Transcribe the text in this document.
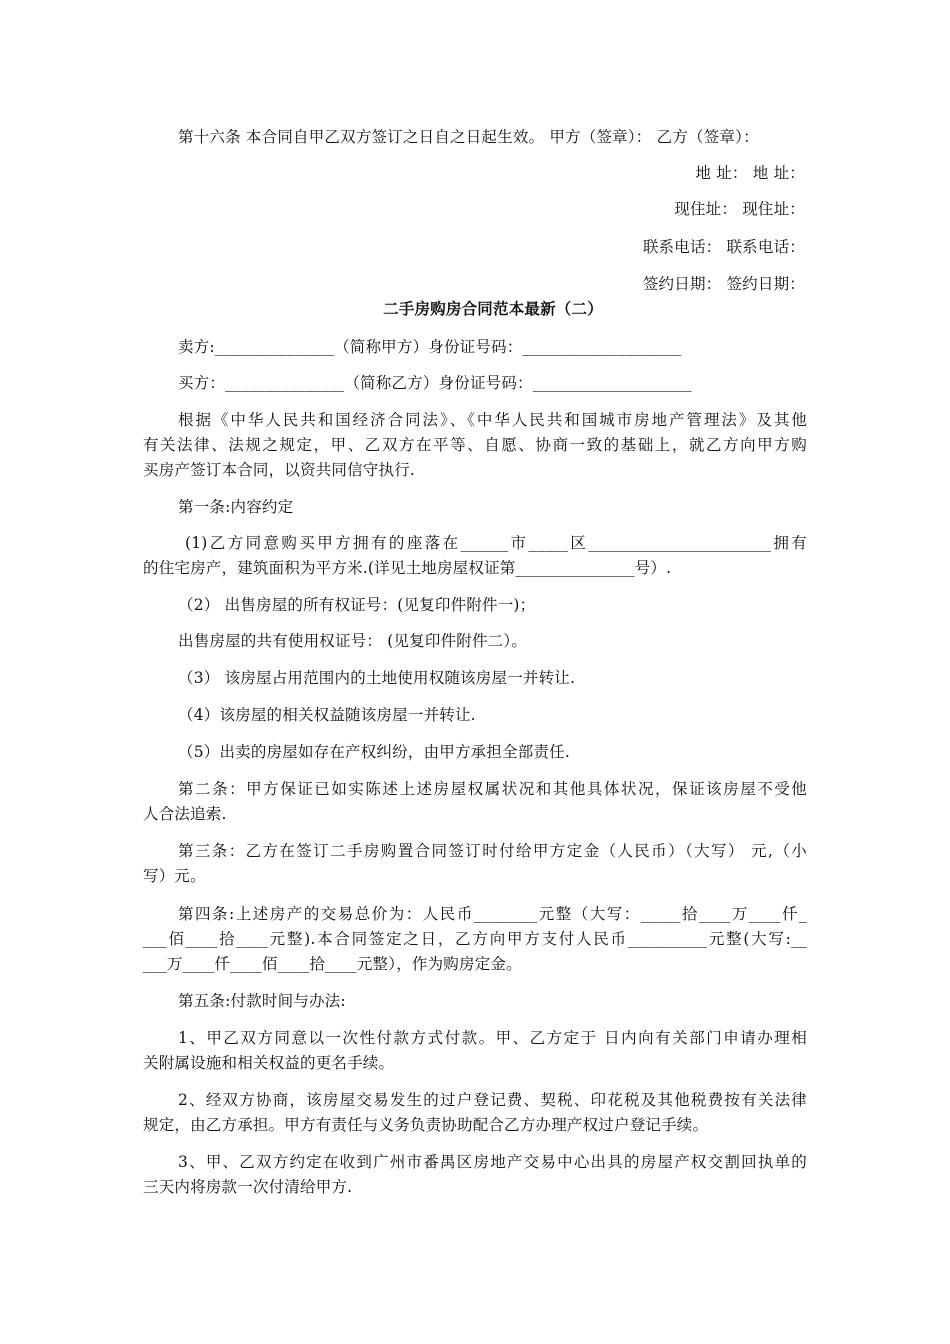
第十六条 本合同自甲乙双方签订之日自之日起生效。 甲方（签章）： 乙方（签章）：
地 址： 地 址：
现住址： 现住址：
联系电话： 联系电话：
签约日期： 签约日期：
二手房购房合同范本最新（二）
卖方:_______________（简称甲方）身份证号码：____________________
买方：_______________（简称乙方）身份证号码：____________________
根据《中华人民共和国经济合同法》、《中华人民共和国城市房地产管理法》及其他
有关法律、法规之规定，甲、乙双方在平等、自愿、协商一致的基础上，就乙方向甲方购
买房产签订本合同，以资共同信守执行.
第一条:内容约定
(1)乙方同意购买甲方拥有的座落在______市_____区_______________________拥有
的住宅房产，建筑面积为平方米.(详见土地房屋权证第_______________号）.
（2） 出售房屋的所有权证号：(见复印件附件一)；
出售房屋的共有使用权证号： (见复印件附件二）。
（3） 该房屋占用范围内的土地使用权随该房屋一并转让.
（4）该房屋的相关权益随该房屋一并转让.
（5）出卖的房屋如存在产权纠纷，由甲方承担全部责任.
第二条：甲方保证已如实陈述上述房屋权属状况和其他具体状况，保证该房屋不受他
人合法追索.
第三条：乙方在签订二手房购置合同签订时付给甲方定金（人民币）（大写） 元,（小
写）元。
第四条:上述房产的交易总价为：人民币________元整（大写：_____拾____万____仟_
___佰____拾____元整).本合同签定之日，乙方向甲方支付人民币__________元整(大写:__
___万____仟____佰____拾____元整），作为购房定金。
第五条:付款时间与办法:
1、甲乙双方同意以一次性付款方式付款。甲、乙方定于 日内向有关部门申请办理相
关附属设施和相关权益的更名手续。
2、经双方协商，该房屋交易发生的过户登记费、契税、印花税及其他税费按有关法律
规定，由乙方承担。甲方有责任与义务负责协助配合乙方办理产权过户登记手续。
3、甲、乙双方约定在收到广州市番禺区房地产交易中心出具的房屋产权交割回执单的
三天内将房款一次付清给甲方.
